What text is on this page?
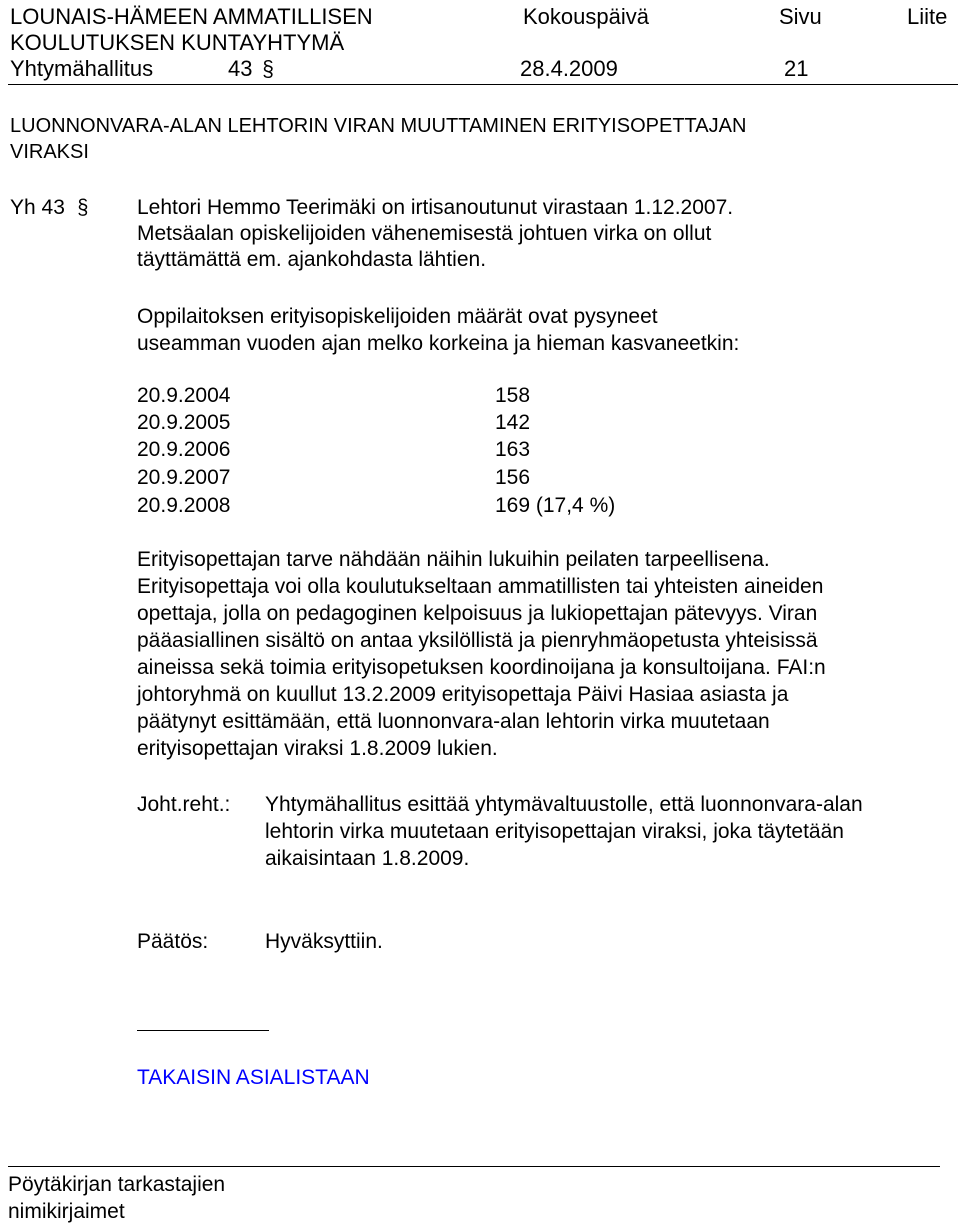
LOUNAIS-HÄMEEN AMMATILLISEN
KOULUTUKSEN KUNTAYHTYMÄ
Yhtymähallitus	43 §
Kokouspäivä
28.4.2009
Sivu
21
Liite
LUONNONVARA-ALAN LEHTORIN VIRAN MUUTTAMINEN ERITYISOPETTAJAN
VIRAKSI
Yh 43 § Lehtori Hemmo Teerimäki on irtisanoutunut virastaan 1.12.2007.
Metsäalan opiskelijoiden vähenemisestä johtuen virka on ollut
täyttämättä em. ajankohdasta lähtien.
Oppilaitoksen erityisopiskelijoiden määrät ovat pysyneet
useamman vuoden ajan melko korkeina ja hieman kasvaneetkin:
20.9.2004	158
20.9.2005	142
20.9.2006	163
20.9.2007	156
20.9.2008	169 (17,4 %)
Erityisopettajan tarve nähdään näihin lukuihin peilaten tarpeellisena.
Erityisopettaja voi olla koulutukseltaan ammatillisten tai yhteisten aineiden
opettaja, jolla on pedagoginen kelpoisuus ja lukiopettajan pätevyys. Viran
pääasiallinen sisältö on antaa yksilöllistä ja pienryhmäopetusta yhteisissä
aineissa sekä toimia erityisopetuksen koordinoijana ja konsultoijana. FAI:n
johtoryhmä on kuullut 13.2.2009 erityisopettaja Päivi Hasiaa asiasta ja
päätynyt esittämään, että luonnonvara-alan lehtorin virka muutetaan
erityisopettajan viraksi 1.8.2009 lukien.
Joht.reht.: Yhtymähallitus esittää yhtymävaltuustolle, että luonnonvara-alan
lehtorin virka muutetaan erityisopettajan viraksi, joka täytetään
aikaisintaan 1.8.2009.
Päätös:	Hyväksyttiin.
TAKAISIN ASIALISTAAN
Pöytäkirjan tarkastajien
nimikirjaimet
